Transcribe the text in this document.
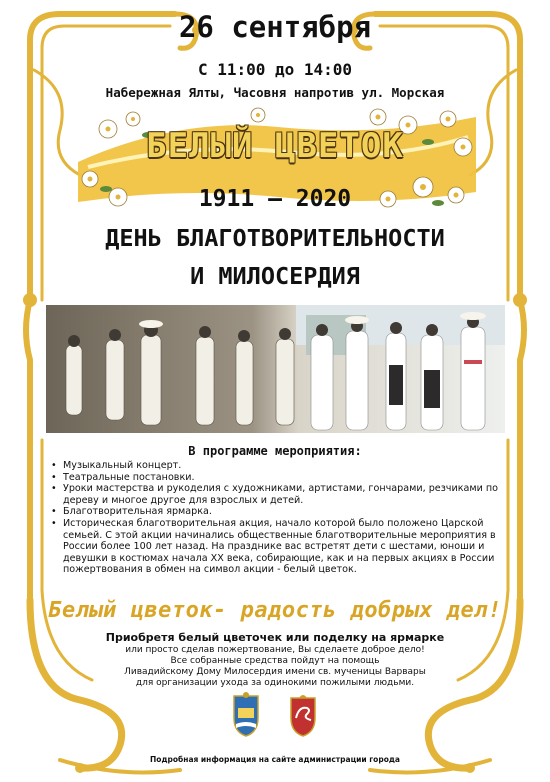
26 сентября
С 11:00 до 14:00
Набережная Ялты, Часовня напротив ул. Морская
БЕЛЫЙ ЦВЕТОК
1911 – 2020
ДЕНЬ БЛАГОТВОРИТЕЛЬНОСТИ
И МИЛОСЕРДИЯ
В программе мероприятия:
• Музыкальный концерт.
• Театральные постановки.
• Уроки мастерства и рукоделия с художниками, артистами, гончарами, резчиками по дереву и многое другое для взрослых и детей.
• Благотворительная ярмарка.
• Историческая благотворительная акция, начало которой было положено Царской семьей. С этой акции начинались общественные благотворительные мероприятия в России более 100 лет назад. На празднике вас встретят дети с шестами, юноши и девушки в костюмах начала XX века, собирающие, как и на первых акциях в России пожертвования в обмен на символ акции - белый цветок.
Белый цветок- радость добрых дел!
Приобретя белый цветочек или поделку на ярмарке
или просто сделав пожертвование, Вы сделаете доброе дело!
Все собранные средства пойдут на помощь
Ливадийскому Дому Милосердия имени св. мученицы Варвары
для организации ухода за одинокими пожилыми людьми.
Подробная информация на сайте администрации города
